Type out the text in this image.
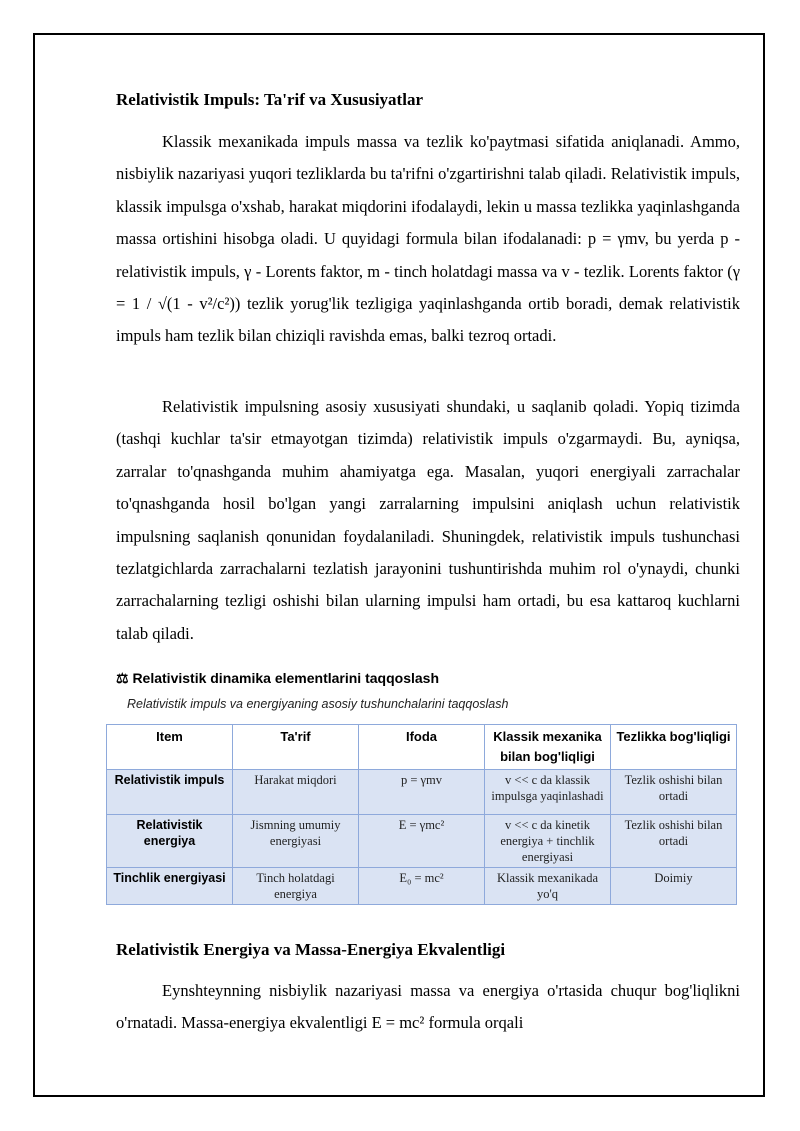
Relativistik Impuls: Ta'rif va Xususiyatlar

Klassik mexanikada impuls massa va tezlik ko'paytmasi sifatida aniqlanadi. Ammo, nisbiylik nazariyasi yuqori tezliklarda bu ta'rifni o'zgartirishni talab qiladi. Relativistik impuls, klassik impulsga o'xshab, harakat miqdorini ifodalaydi, lekin u massa tezlikka yaqinlashganda massa ortishini hisobga oladi. U quyidagi formula bilan ifodalanadi: p = γmv, bu yerda p - relativistik impuls, γ - Lorents faktor, m - tinch holatdagi massa va v - tezlik. Lorents faktor (γ = 1 / √(1 - v²/c²)) tezlik yorug'lik tezligiga yaqinlashganda ortib boradi, demak relativistik impuls ham tezlik bilan chiziqli ravishda emas, balki tezroq ortadi.

Relativistik impulsning asosiy xususiyati shundaki, u saqlanib qoladi. Yopiq tizimda (tashqi kuchlar ta'sir etmayotgan tizimda) relativistik impuls o'zgarmaydi. Bu, ayniqsa, zarralar to'qnashganda muhim ahamiyatga ega. Masalan, yuqori energiyali zarrachalar to'qnashganda hosil bo'lgan yangi zarralarning impulsini aniqlash uchun relativistik impulsning saqlanish qonunidan foydalaniladi. Shuningdek, relativistik impuls tushunchasi tezlatgichlarda zarrachalarni tezlatish jarayonini tushuntirishda muhim rol o'ynaydi, chunki zarrachalarning tezligi oshishi bilan ularning impulsi ham ortadi, bu esa kattaroq kuchlarni talab qiladi.

⚖ Relativistik dinamika elementlarini taqqoslash
Relativistik impuls va energiyaning asosiy tushunchalarini taqqoslash
Item	Ta'rif	Ifoda	Klassik mexanika bilan bog'liqligi	Tezlikka bog'liqligi
Relativistik impuls	Harakat miqdori	p = γmv	v << c da klassik impulsga yaqinlashadi	Tezlik oshishi bilan ortadi
Relativistik energiya	Jismning umumiy energiyasi	E = γmc²	v << c da kinetik energiya + tinchlik energiyasi	Tezlik oshishi bilan ortadi
Tinchlik energiyasi	Tinch holatdagi energiya	E₀ = mc²	Klassik mexanikada yo'q	Doimiy
Relativistik Energiya va Massa-Energiya Ekvalentligi

Eynshteynning nisbiylik nazariyasi massa va energiya o'rtasida chuqur bog'liqlikni o'rnatadi. Massa-energiya ekvalentligi E = mc² formula orqali
